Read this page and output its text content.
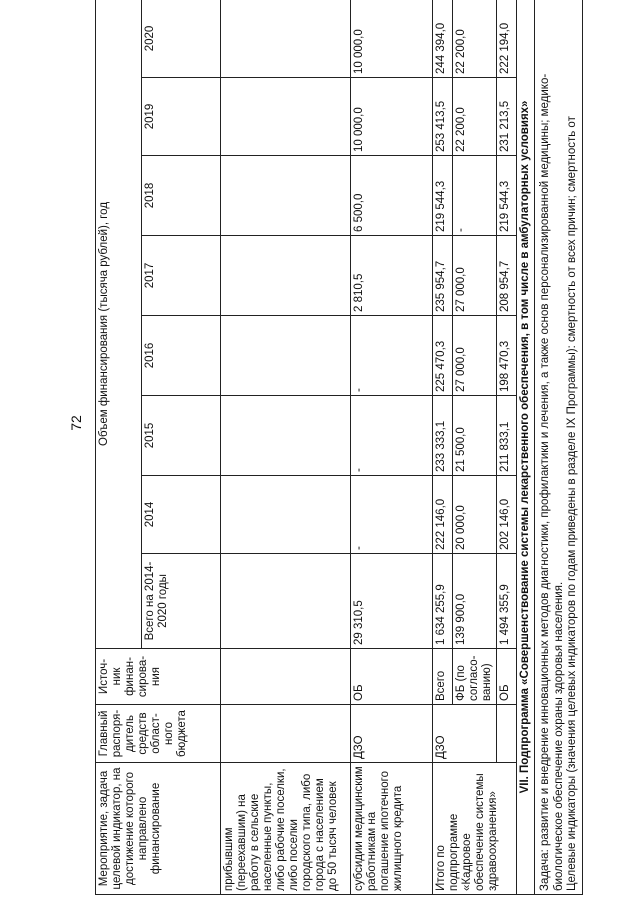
72
Мероприятие, задача целевой индикатор, на достижение которого направлено финансирование	Главный распоря-дитель средств област-ного бюджета	Источ-ник финан-сирова-ния	Объем финансирования (тысяча рублей), год							
			Всего на 2014-2020 годы	2014	2015	2016	2017	2018	2019	2020
прибывшим (переехавшим) на работу в сельские населенные пункты, либо рабочие поселки, либо поселки городского типа, либо города с населением до 50 тысяч человек										
субсидии медицинским работникам на погашение ипотечного жилищного кредита	ДЗО	ОБ	29 310,5	-	-	-	2 810,5	6 500,0	10 000,0	10 000,0
Итого по подпрограмме «Кадровое обеспечение системы здравоохранения»	ДЗО	Всего	1 634 255,9	222 146,0	233 333,1	225 470,3	235 954,7	219 544,3	253 413,5	244 394,0
		ФБ (по согласо-ванию)	139 900,0	20 000,0	21 500,0	27 000,0	27 000,0	-	22 200,0	22 200,0
		ОБ	1 494 355,9	202 146,0	211 833,1	198 470,3	208 954,7	219 544,3	231 213,5	222 194,0
VII. Подпрограмма «Совершенствование системы лекарственного обеспечения, в том числе в амбулаторных условиях»										

Задача: развитие и внедрение инновационных методов диагностики, профилактики и лечения, а также основ персонализированной медицины; медико-биологическое обеспечение охраны здоровья населения. Целевые индикаторы (значения целевых индикаторов по годам приведены в разделе IX Программы): смертность от всех причин; смертность от										
